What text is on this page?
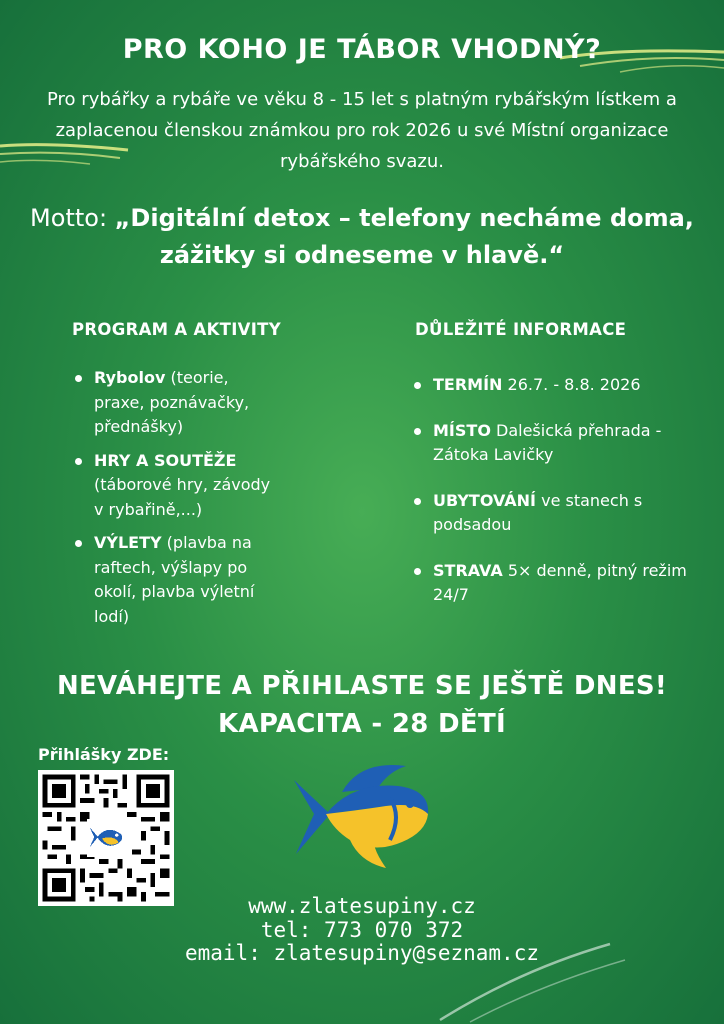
PRO KOHO JE TÁBOR VHODNÝ?
Pro rybářky a rybáře ve věku 8 - 15 let s platným rybářským lístkem a zaplacenou členskou známkou pro rok 2026 u své Místní organizace rybářského svazu.
Motto: „Digitální detox – telefony necháme doma, zážitky si odneseme v hlavě.“
PROGRAM A AKTIVITY
Rybolov (teorie, praxe, poznávačky, přednášky)
HRY A SOUTĚŽE (táborové hry, závody v rybařině,...)
VÝLETY (plavba na raftech, výšlapy po okolí, plavba výletní lodí)
DŮLEŽITÉ INFORMACE
TERMÍN 26.7. - 8.8. 2026
MÍSTO Dalešická přehrada - Zátoka Lavičky
UBYTOVÁNÍ ve stanech s podsadou
STRAVA 5× denně, pitný režim 24/7
NEVÁHEJTE A PŘIHLASTE SE JEŠTĚ DNES!
KAPACITA - 28 DĚTÍ
Přihlášky ZDE:
www.zlatesupiny.cz
tel: 773 070 372
email: zlatesupiny@seznam.cz
